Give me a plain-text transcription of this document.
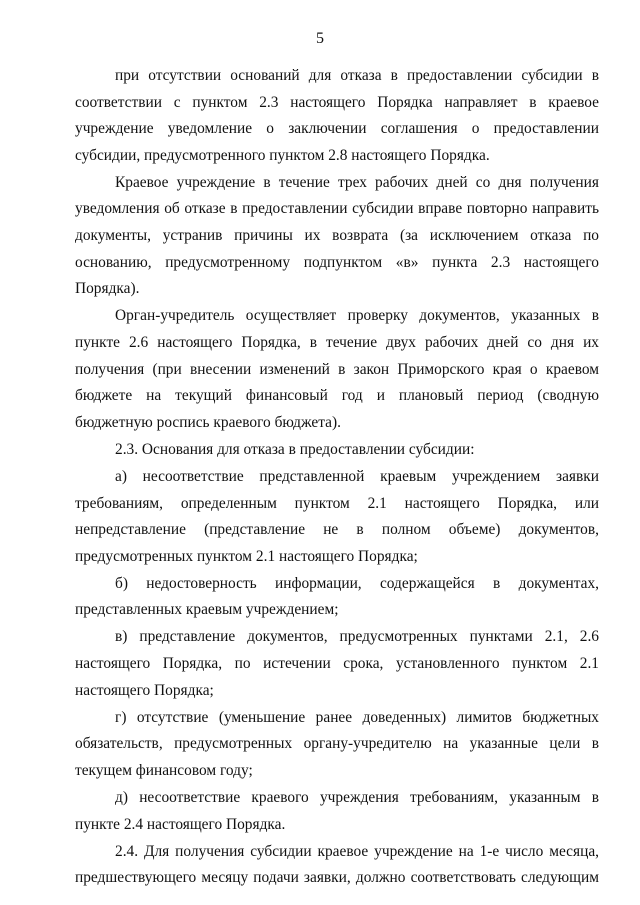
5

при отсутствии оснований для отказа в предоставлении субсидии в соответствии с пунктом 2.3 настоящего Порядка направляет в краевое учреждение уведомление о заключении соглашения о предоставлении субсидии, предусмотренного пунктом 2.8 настоящего Порядка.

Краевое учреждение в течение трех рабочих дней со дня получения уведомления об отказе в предоставлении субсидии вправе повторно направить документы, устранив причины их возврата (за исключением отказа по основанию, предусмотренному подпунктом «в» пункта 2.3 настоящего Порядка).

Орган-учредитель осуществляет проверку документов, указанных в пункте 2.6 настоящего Порядка, в течение двух рабочих дней со дня их получения (при внесении изменений в закон Приморского края о краевом бюджете на текущий финансовый год и плановый период (сводную бюджетную роспись краевого бюджета).

2.3. Основания для отказа в предоставлении субсидии:

а) несоответствие представленной краевым учреждением заявки требованиям, определенным пунктом 2.1 настоящего Порядка, или непредставление (представление не в полном объеме) документов, предусмотренных пунктом 2.1 настоящего Порядка;

б) недостоверность информации, содержащейся в документах, представленных краевым учреждением;

в) представление документов, предусмотренных пунктами 2.1, 2.6 настоящего Порядка, по истечении срока, установленного пунктом 2.1 настоящего Порядка;

г) отсутствие (уменьшение ранее доведенных) лимитов бюджетных обязательств, предусмотренных органу-учредителю на указанные цели в текущем финансовом году;

д) несоответствие краевого учреждения требованиям, указанным в пункте 2.4 настоящего Порядка.

2.4. Для получения субсидии краевое учреждение на 1-е число месяца, предшествующего месяцу подачи заявки, должно соответствовать следующим
